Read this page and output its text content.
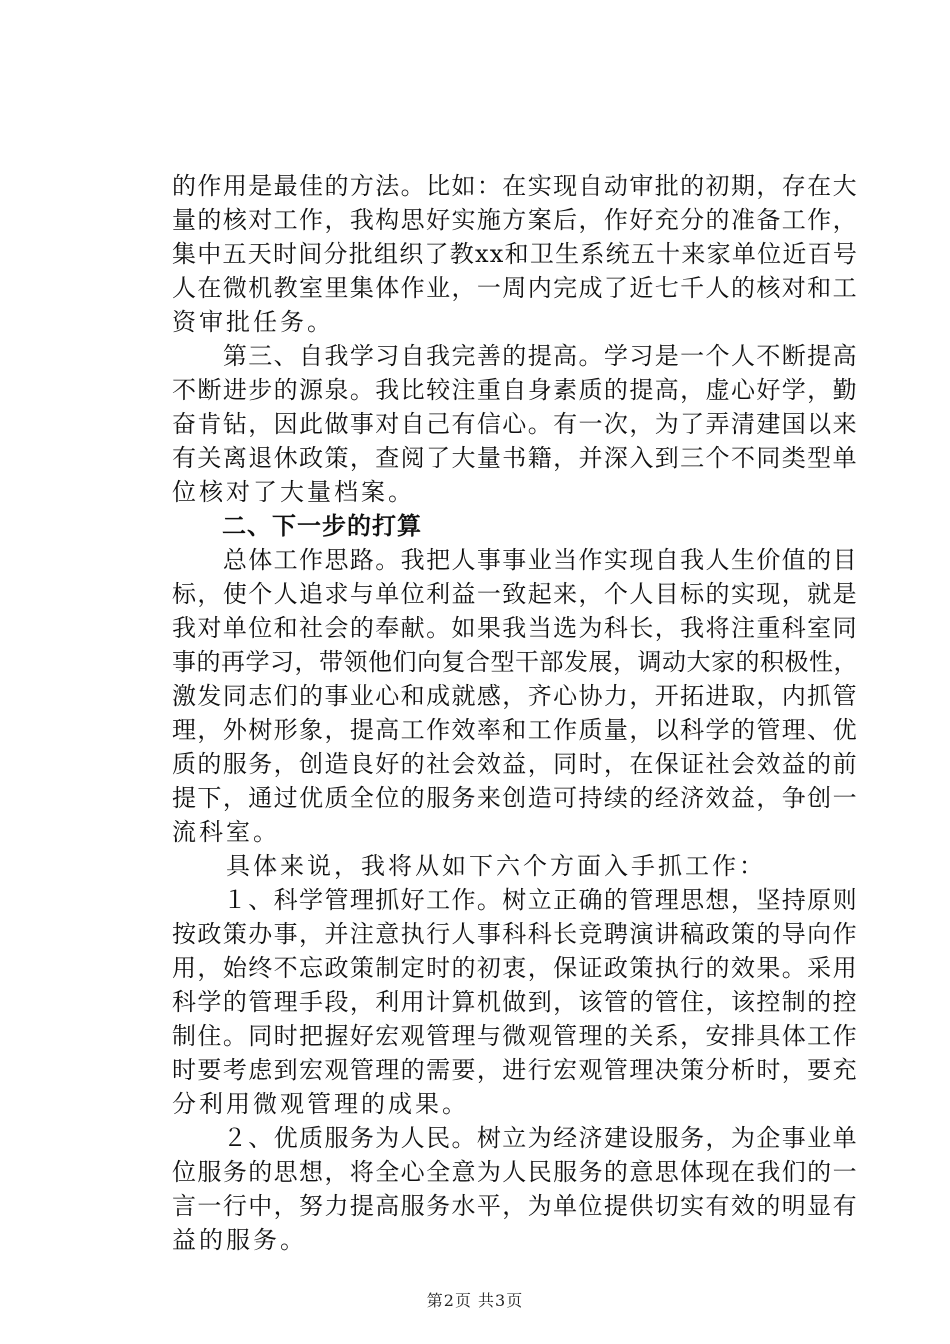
的作用是最佳的方法。比如：在实现自动审批的初期，存在大
量的核对工作，我构思好实施方案后，作好充分的准备工作，
集中五天时间分批组织了教xx和卫生系统五十来家单位近百号
人在微机教室里集体作业，一周内完成了近七千人的核对和工
资审批任务。
　　第三、自我学习自我完善的提高。学习是一个人不断提高
不断进步的源泉。我比较注重自身素质的提高，虚心好学，勤
奋肯钻，因此做事对自己有信心。有一次，为了弄清建国以来
有关离退休政策，查阅了大量书籍，并深入到三个不同类型单
位核对了大量档案。
　　二、下一步的打算
　　总体工作思路。我把人事事业当作实现自我人生价值的目
标，使个人追求与单位利益一致起来，个人目标的实现，就是
我对单位和社会的奉献。如果我当选为科长，我将注重科室同
事的再学习，带领他们向复合型干部发展，调动大家的积极性，
激发同志们的事业心和成就感，齐心协力，开拓进取，内抓管
理，外树形象，提高工作效率和工作质量，以科学的管理、优
质的服务，创造良好的社会效益，同时，在保证社会效益的前
提下，通过优质全位的服务来创造可持续的经济效益，争创一
流科室。
　　具体来说，我将从如下六个方面入手抓工作：
　　１、科学管理抓好工作。树立正确的管理思想，坚持原则
按政策办事，并注意执行人事科科长竞聘演讲稿政策的导向作
用，始终不忘政策制定时的初衷，保证政策执行的效果。采用
科学的管理手段，利用计算机做到，该管的管住，该控制的控
制住。同时把握好宏观管理与微观管理的关系，安排具体工作
时要考虑到宏观管理的需要，进行宏观管理决策分析时，要充
分利用微观管理的成果。
　　２、优质服务为人民。树立为经济建设服务，为企事业单
位服务的思想，将全心全意为人民服务的意思体现在我们的一
言一行中，努力提高服务水平，为单位提供切实有效的明显有
益的服务。
第2页 共3页
